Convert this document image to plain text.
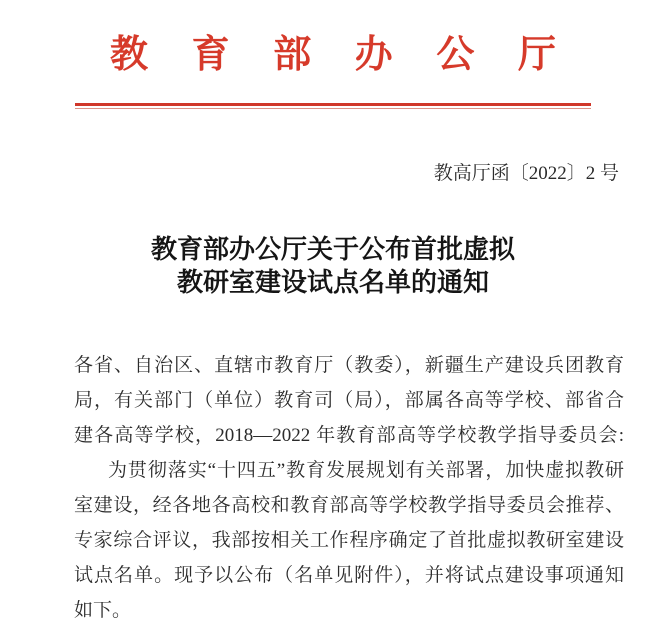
教育部办公厅
教高厅函〔2022〕2 号
教育部办公厅关于公布首批虚拟
教研室建设试点名单的通知
各省、自治区、直辖市教育厅（教委），新疆生产建设兵团教育
局，有关部门（单位）教育司（局），部属各高等学校、部省合
建各高等学校，2018—2022 年教育部高等学校教学指导委员会:
为贯彻落实“十四五”教育发展规划有关部署，加快虚拟教研
室建设，经各地各高校和教育部高等学校教学指导委员会推荐、
专家综合评议，我部按相关工作程序确定了首批虚拟教研室建设
试点名单。现予以公布（名单见附件），并将试点建设事项通知
如下。
